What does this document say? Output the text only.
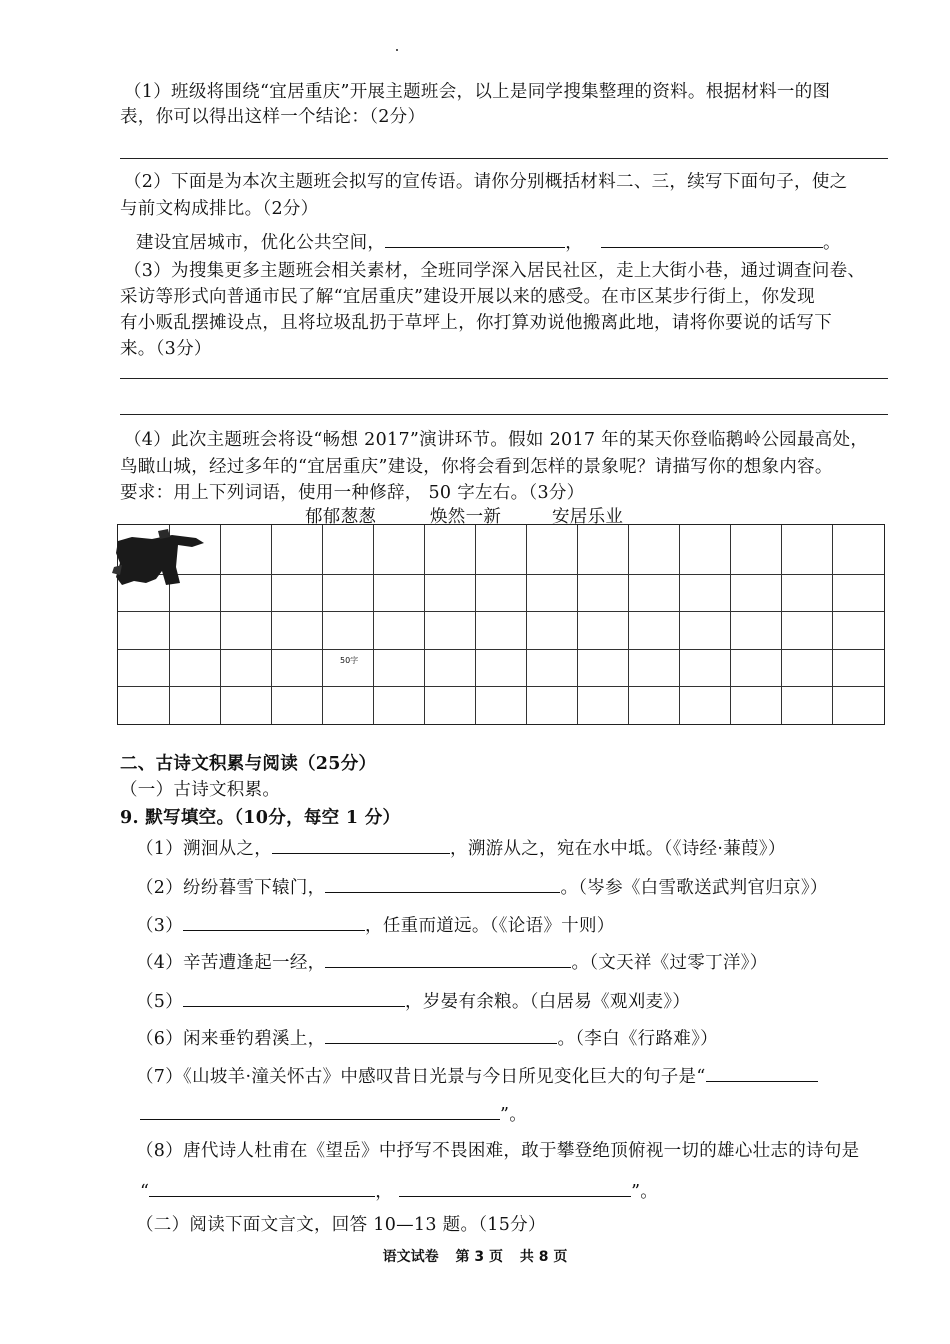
（1）班级将围绕“宜居重庆”开展主题班会，以上是同学搜集整理的资料。根据材料一的图
表，你可以得出这样一个结论：（2分）
（2）下面是为本次主题班会拟写的宣传语。请你分别概括材料二、三，续写下面句子，使之
与前文构成排比。（2分）
建设宜居城市，优化公共空间，	，	。
（3）为搜集更多主题班会相关素材，全班同学深入居民社区，走上大街小巷，通过调查问卷、
采访等形式向普通市民了解“宜居重庆”建设开展以来的感受。在市区某步行街上，你发现
有小贩乱摆摊设点，且将垃圾乱扔于草坪上，你打算劝说他搬离此地，请将你要说的话写下
来。（3分）
（4）此次主题班会将设“畅想 2017”演讲环节。假如 2017 年的某天你登临鹅岭公园最高处，
鸟瞰山城，经过多年的“宜居重庆”建设，你将会看到怎样的景象呢？请描写你的想象内容。
要求：用上下列词语，使用一种修辞， 50 字左右。（3分）
郁郁葱葱	焕然一新	安居乐业
50字
二、古诗文积累与阅读（25分）
（一）古诗文积累。
9. 默写填空。（10分，每空 1 分）
（1）溯洄从之，	，溯游从之，宛在水中坻。（《诗经·蒹葭》）
（2）纷纷暮雪下辕门，	。（岑参《白雪歌送武判官归京》）
（3）	，任重而道远。（《论语》十则）
（4）辛苦遭逢起一经，	。（文天祥《过零丁洋》）
（5）	，岁晏有余粮。（白居易《观刈麦》）
（6）闲来垂钓碧溪上，	。（李白《行路难》）
（7）《山坡羊·潼关怀古》中感叹昔日光景与今日所见变化巨大的句子是“
”。
（8）唐代诗人杜甫在《望岳》中抒写不畏困难，敢于攀登绝顶俯视一切的雄心壮志的诗句是
“	，	”。
（二）阅读下面文言文，回答 10—13 题。（15分）
语文试卷 第 3 页 共 8 页
